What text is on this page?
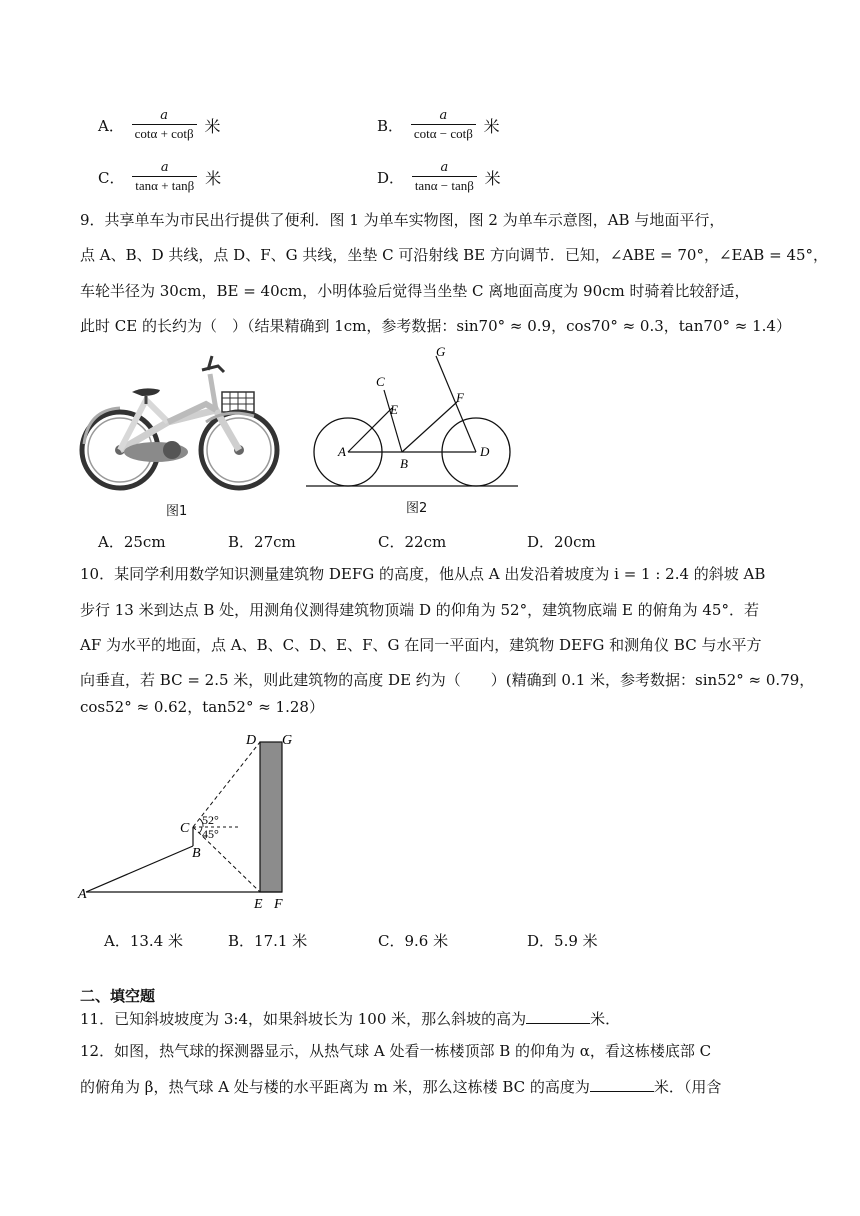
A． $\frac{a}{\cot\alpha + \cot\beta}$ 米	B． $\frac{a}{\cot\alpha - \cot\beta}$ 米
C． $\frac{a}{\tan\alpha + \tan\beta}$ 米	D． $\frac{a}{\tan\alpha - \tan\beta}$ 米
9．共享单车为市民出行提供了便利．图 1 为单车实物图，图 2 为单车示意图，AB 与地面平行，
点 A、B、D 共线，点 D、F、G 共线，坐垫 C 可沿射线 BE 方向调节．已知，∠ABE = 70°，∠EAB = 45°，
车轮半径为 30cm，BE = 40cm，小明体验后觉得当坐垫 C 离地面高度为 90cm 时骑着比较舒适，
此时 CE 的长约为（　）（结果精确到 1cm，参考数据：sin70° ≈ 0.9，cos70° ≈ 0.3，tan70° ≈ 1.4）
图1
A
B
C
D
E
F
G
图2
A．25cm	B．27cm	C．22cm	D．20cm
10．某同学利用数学知识测量建筑物 DEFG 的高度，他从点 A 出发沿着坡度为 i = 1 : 2.4 的斜坡 AB
步行 13 米到达点 B 处，用测角仪测得建筑物顶端 D 的仰角为 52°，建筑物底端 E 的俯角为 45°．若
AF 为水平的地面，点 A、B、C、D、E、F、G 在同一平面内，建筑物 DEFG 和测角仪 BC 与水平方
向垂直，若 BC = 2.5 米，则此建筑物的高度 DE 约为（　　）(精确到 0.1 米，参考数据：sin52° ≈ 0.79，
cos52° ≈ 0.62，tan52° ≈ 1.28）
A
B
C
D
E F
G
52°
45°
A．13.4 米	B．17.1 米	C．9.6 米	D．5.9 米
二、填空题
11．已知斜坡坡度为 3:4，如果斜坡长为 100 米，那么斜坡的高为	米．
12．如图，热气球的探测器显示，从热气球 A 处看一栋楼顶部 B 的仰角为 α，看这栋楼底部 C
的俯角为 β，热气球 A 处与楼的水平距离为 m 米，那么这栋楼 BC 的高度为	米．（用含
